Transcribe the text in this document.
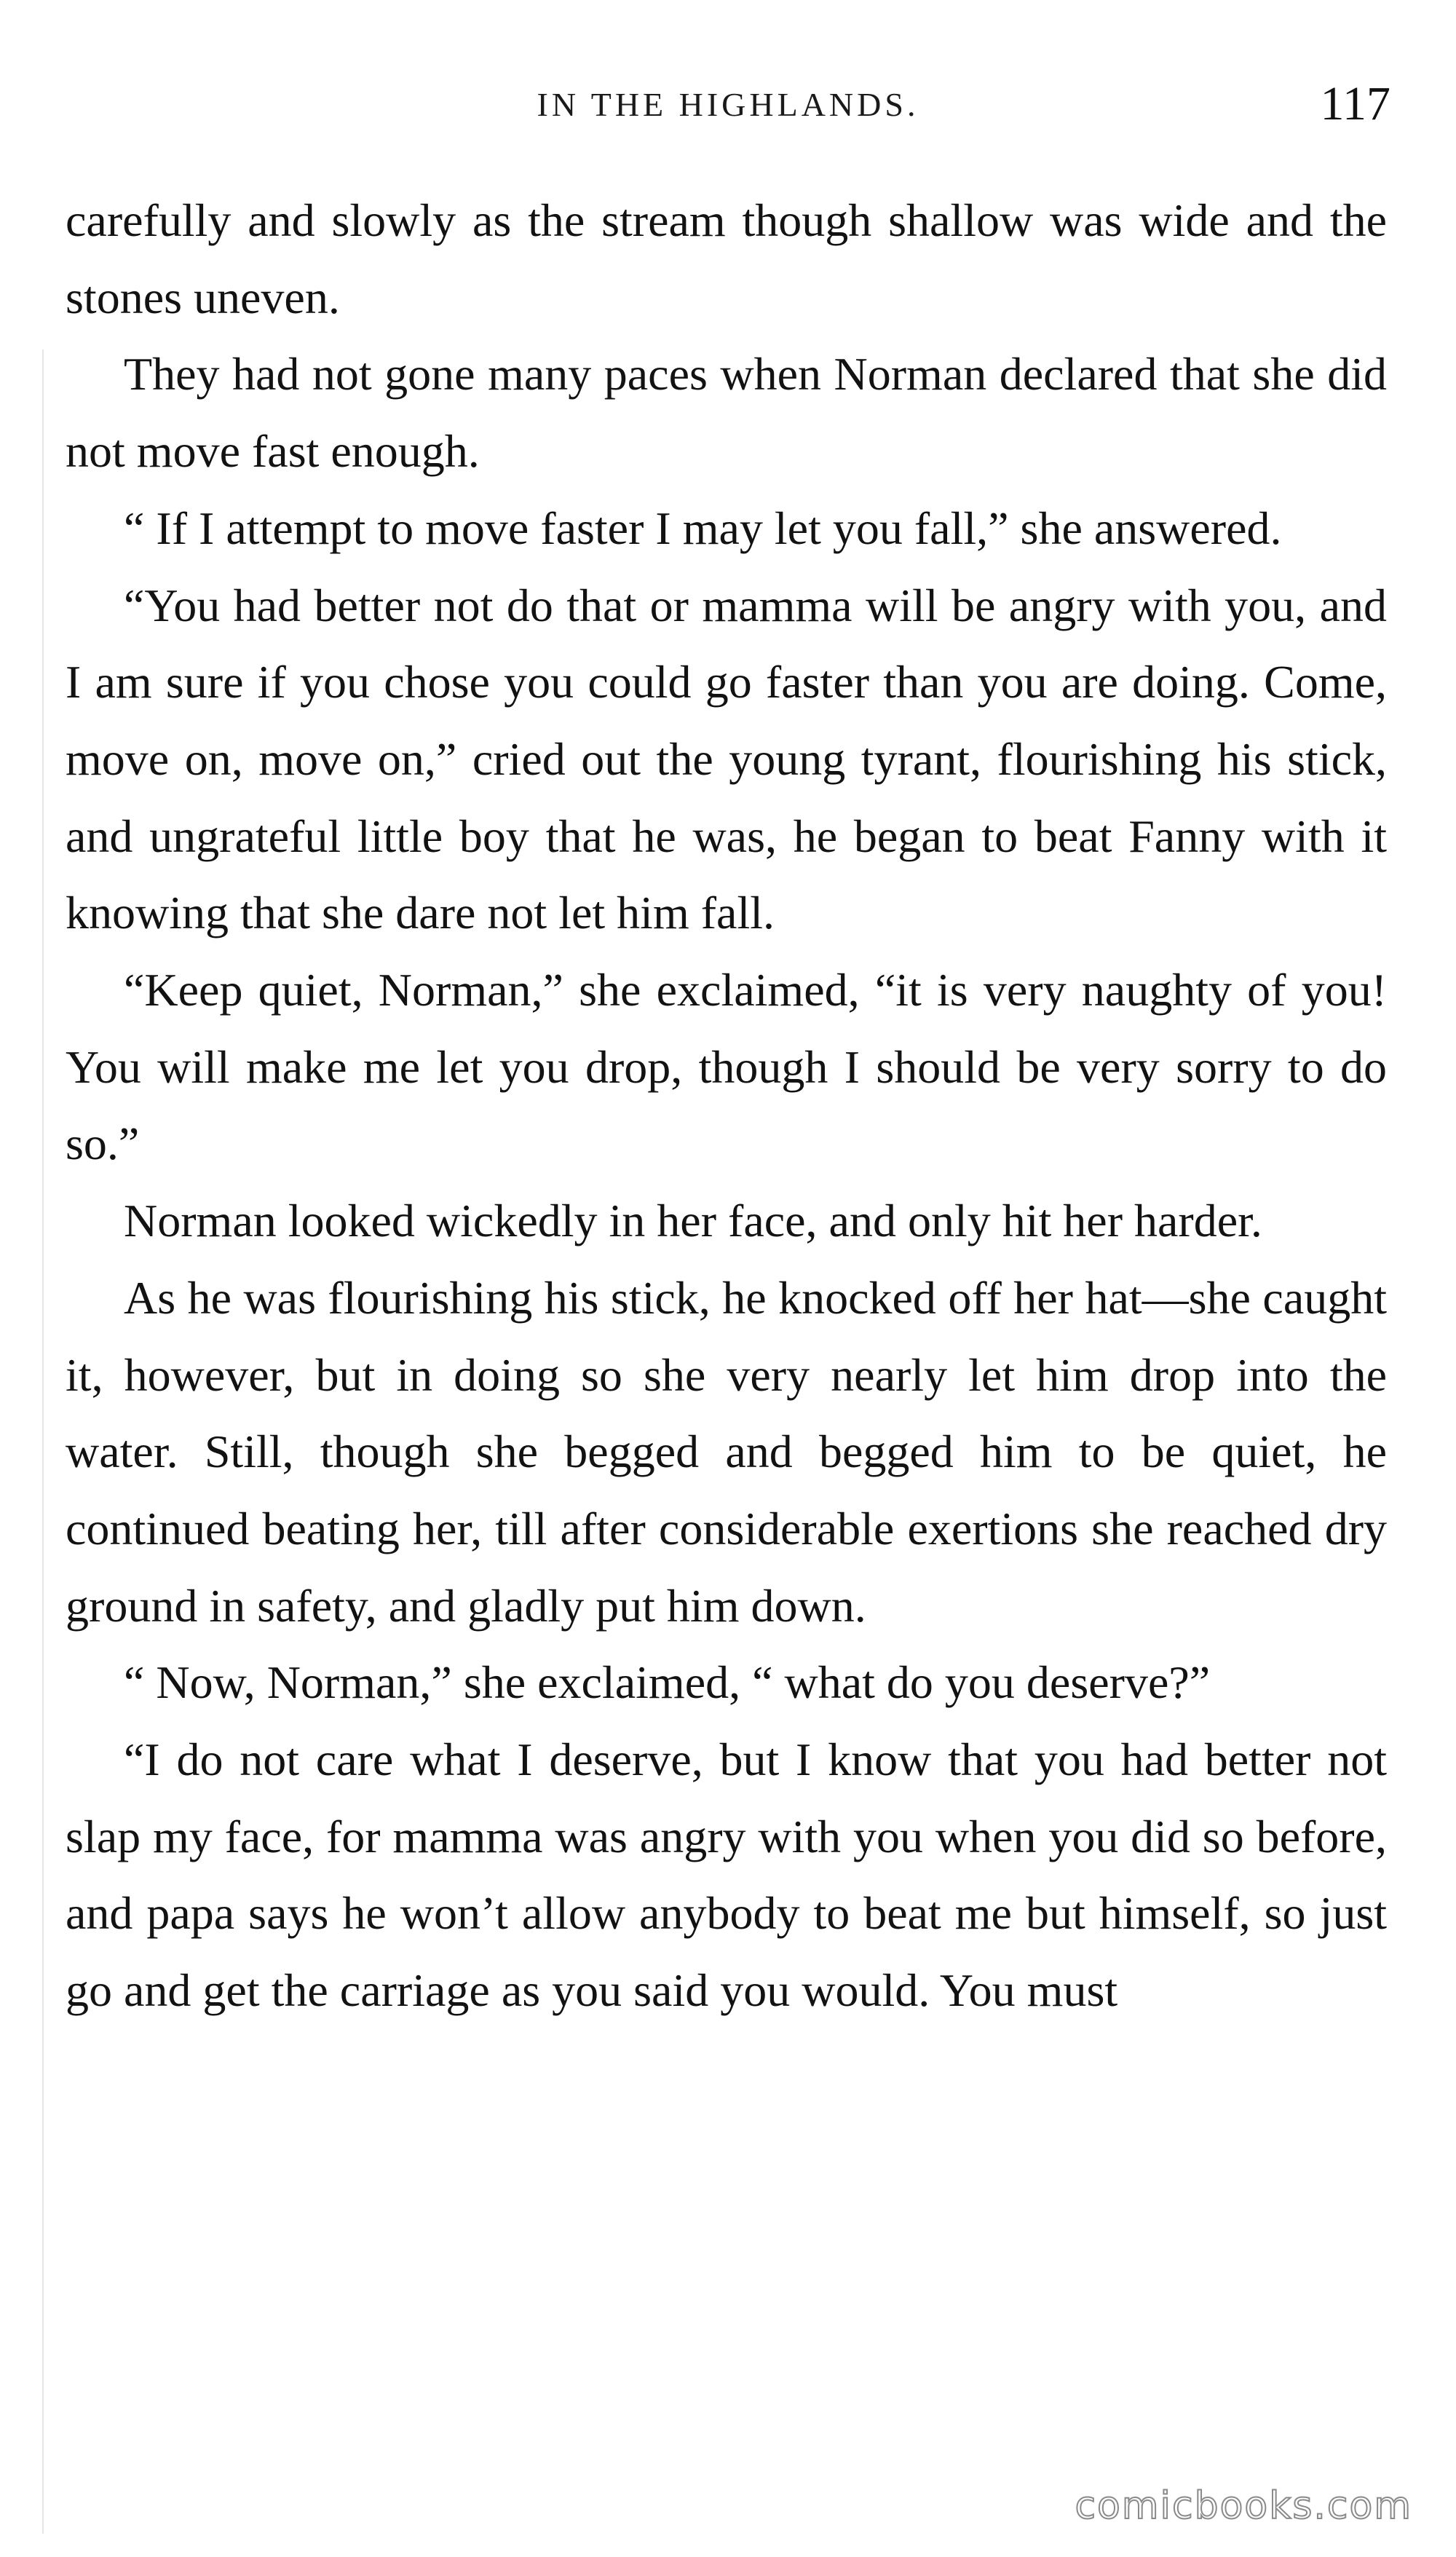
IN THE HIGHLANDS.	117

carefully and slowly as the stream though shallow was wide and the stones uneven.

They had not gone many paces when Norman declared that she did not move fast enough.

“ If I attempt to move faster I may let you fall,” she answered.

“You had better not do that or mamma will be angry with you, and I am sure if you chose you could go faster than you are doing. Come, move on, move on,” cried out the young tyrant, flourishing his stick, and ungrateful little boy that he was, he began to beat Fanny with it knowing that she dare not let him fall.

“Keep quiet, Norman,” she exclaimed, “it is very naughty of you! You will make me let you drop, though I should be very sorry to do so.”

Norman looked wickedly in her face, and only hit her harder.

As he was flourishing his stick, he knocked off her hat—she caught it, however, but in doing so she very nearly let him drop into the water. Still, though she begged and begged him to be quiet, he continued beating her, till after considerable exertions she reached dry ground in safety, and gladly put him down.

“ Now, Norman,” she exclaimed, “ what do you deserve?”

“I do not care what I deserve, but I know that you had better not slap my face, for mamma was angry with you when you did so before, and papa says he won’t allow anybody to beat me but himself, so just go and get the carriage as you said you would. You must

comicbooks.com
